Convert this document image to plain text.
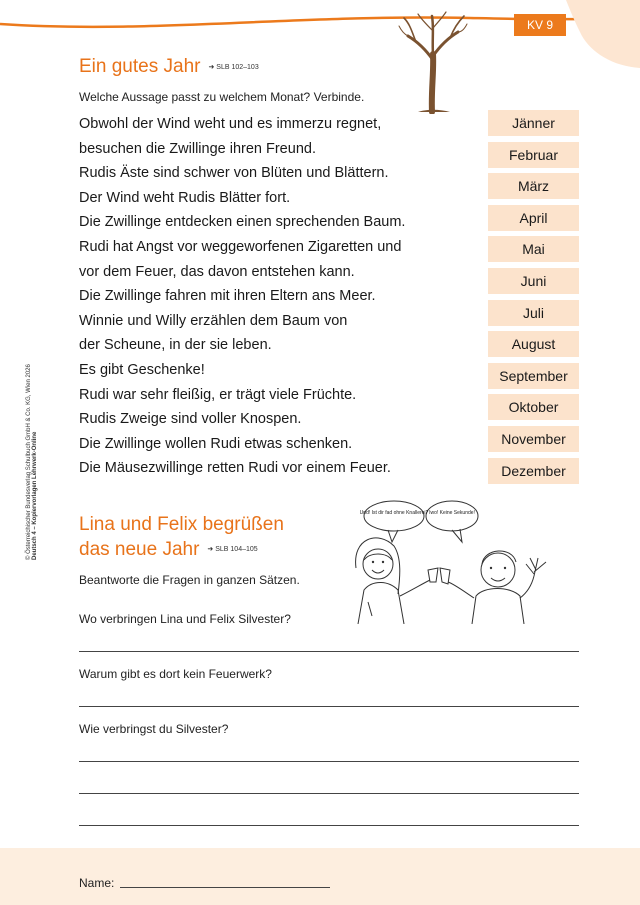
KV 9
Ein gutes Jahr ➜ SLB 102–103
Welche Aussage passt zu welchem Monat? Verbinde.
Obwohl der Wind weht und es immerzu regnet,
besuchen die Zwillinge ihren Freund.
Rudis Äste sind schwer von Blüten und Blättern.
Der Wind weht Rudis Blätter fort.
Die Zwillinge entdecken einen sprechenden Baum.
Rudi hat Angst vor weggeworfenen Zigaretten und
vor dem Feuer, das davon entstehen kann.
Die Zwillinge fahren mit ihren Eltern ans Meer.
Winnie und Willy erzählen dem Baum von
der Scheune, in der sie leben.
Es gibt Geschenke!
Rudi war sehr fleißig, er trägt viele Früchte.
Rudis Zweige sind voller Knospen.
Die Zwillinge wollen Rudi etwas schenken.
Die Mäusezwillinge retten Rudi vor einem Feuer.
Jänner
Februar
März
April
Mai
Juni
Juli
August
September
Oktober
November
Dezember
Lina und Felix begrüßen
das neue Jahr ➜ SLB 104–105
Beantworte die Fragen in ganzen Sätzen.
Und! Ist dir fad ohne Knallerei? Iwo! Keine Sekunde!
Wo verbringen Lina und Felix Silvester?
Warum gibt es dort kein Feuerwerk?
Wie verbringst du Silvester?
© Österreichischer Bundesverlag Schulbuch GmbH & Co. KG, Wien 2026 Deutsch 4 – Kopiervorlagen Lehrwerk-Online
Name:
